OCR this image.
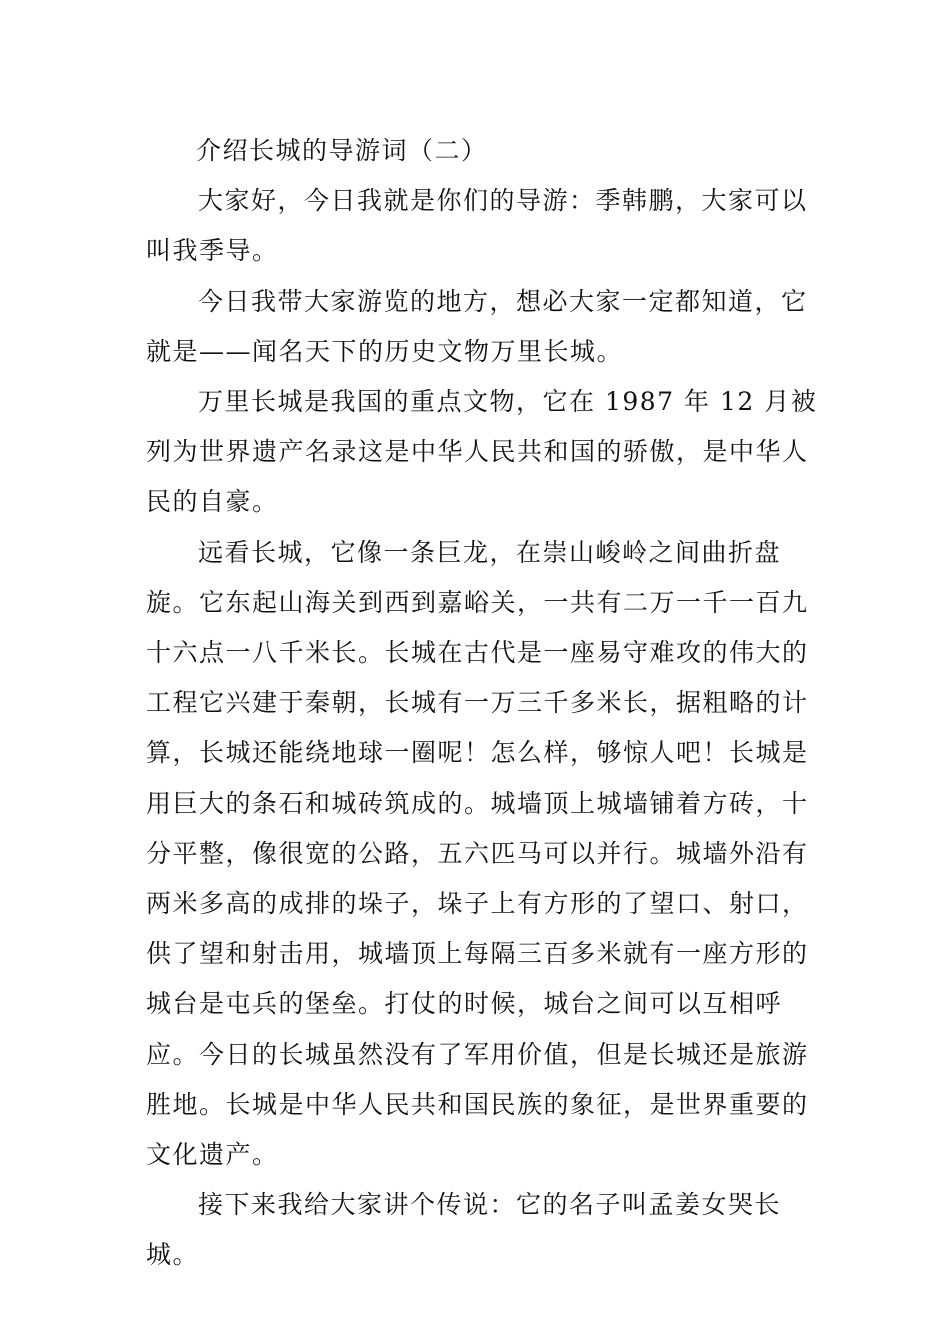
介绍长城的导游词（二）

大家好，今日我就是你们的导游：季韩鹏，大家可以叫我季导。

今日我带大家游览的地方，想必大家一定都知道，它就是——闻名天下的历史文物万里长城。

万里长城是我国的重点文物，它在 1987 年 12 月被列为世界遗产名录这是中华人民共和国的骄傲，是中华人民的自豪。

远看长城，它像一条巨龙，在崇山峻岭之间曲折盘旋。它东起山海关到西到嘉峪关，一共有二万一千一百九十六点一八千米长。长城在古代是一座易守难攻的伟大的工程它兴建于秦朝，长城有一万三千多米长，据粗略的计算，长城还能绕地球一圈呢！怎么样，够惊人吧！长城是用巨大的条石和城砖筑成的。城墙顶上城墙铺着方砖，十分平整，像很宽的公路，五六匹马可以并行。城墙外沿有两米多高的成排的垛子，垛子上有方形的了望口、射口，供了望和射击用，城墙顶上每隔三百多米就有一座方形的城台是屯兵的堡垒。打仗的时候，城台之间可以互相呼应。今日的长城虽然没有了军用价值，但是长城还是旅游胜地。长城是中华人民共和国民族的象征，是世界重要的文化遗产。

接下来我给大家讲个传说：它的名子叫孟姜女哭长城。
